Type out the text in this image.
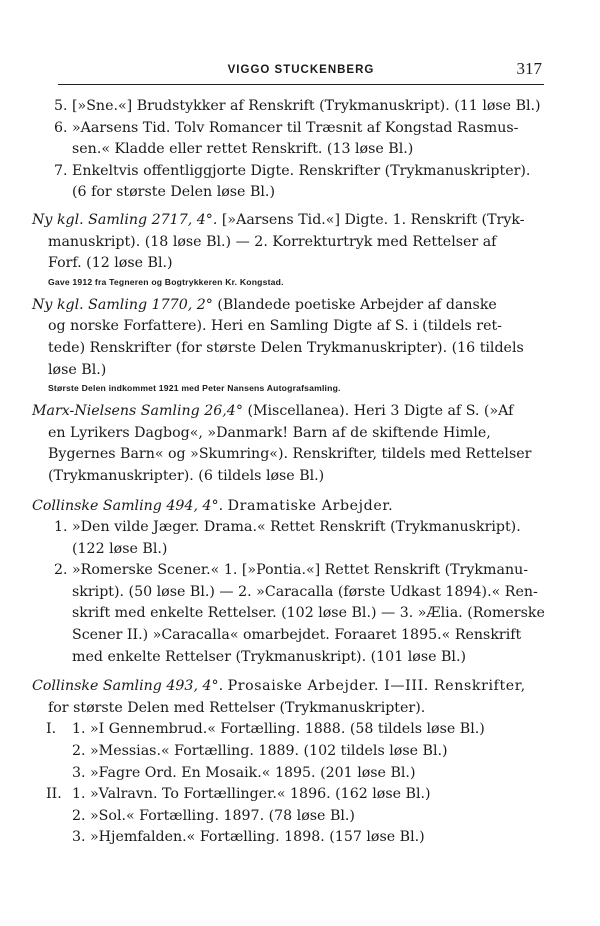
VIGGO STUCKENBERG	317
5. [»Sne.«] Brudstykker af Renskrift (Trykmanuskript). (11 løse Bl.)
6. »Aarsens Tid. Tolv Romancer til Træsnit af Kongstad Rasmus-
sen.« Kladde eller rettet Renskrift. (13 løse Bl.)
7. Enkeltvis offentliggjorte Digte. Renskrifter (Trykmanuskripter).
(6 for største Delen løse Bl.)
Ny kgl. Samling 2717, 4°. [»Aarsens Tid.«] Digte. 1. Renskrift (Tryk-
manuskript). (18 løse Bl.) — 2. Korrekturtryk med Rettelser af
Forf. (12 løse Bl.)
Gave 1912 fra Tegneren og Bogtrykkeren Kr. Kongstad.
Ny kgl. Samling 1770, 2° (Blandede poetiske Arbejder af danske
og norske Forfattere). Heri en Samling Digte af S. i (tildels ret-
tede) Renskrifter (for største Delen Trykmanuskripter). (16 tildels
løse Bl.)
Største Delen indkommet 1921 med Peter Nansens Autografsamling.
Marx-Nielsens Samling 26,4° (Miscellanea). Heri 3 Digte af S. (»Af
en Lyrikers Dagbog«, »Danmark! Barn af de skiftende Himle,
Bygernes Barn« og »Skumring«). Renskrifter, tildels med Rettelser
(Trykmanuskripter). (6 tildels løse Bl.)
Collinske Samling 494, 4°. Dramatiske Arbejder.
1. »Den vilde Jæger. Drama.« Rettet Renskrift (Trykmanuskript).
(122 løse Bl.)
2. »Romerske Scener.« 1. [»Pontia.«] Rettet Renskrift (Trykmanu-
skript). (50 løse Bl.) — 2. »Caracalla (første Udkast 1894).« Ren-
skrift med enkelte Rettelser. (102 løse Bl.) — 3. »Ælia. (Romerske
Scener II.) »Caracalla« omarbejdet. Foraaret 1895.« Renskrift
med enkelte Rettelser (Trykmanuskript). (101 løse Bl.)
Collinske Samling 493, 4°. Prosaiske Arbejder. I—III. Renskrifter,
for største Delen med Rettelser (Trykmanuskripter).
I. 1. »I Gennembrud.« Fortælling. 1888. (58 tildels løse Bl.)
2. »Messias.« Fortælling. 1889. (102 tildels løse Bl.)
3. »Fagre Ord. En Mosaik.« 1895. (201 løse Bl.)
II. 1. »Valravn. To Fortællinger.« 1896. (162 løse Bl.)
2. »Sol.« Fortælling. 1897. (78 løse Bl.)
3. »Hjemfalden.« Fortælling. 1898. (157 løse Bl.)
